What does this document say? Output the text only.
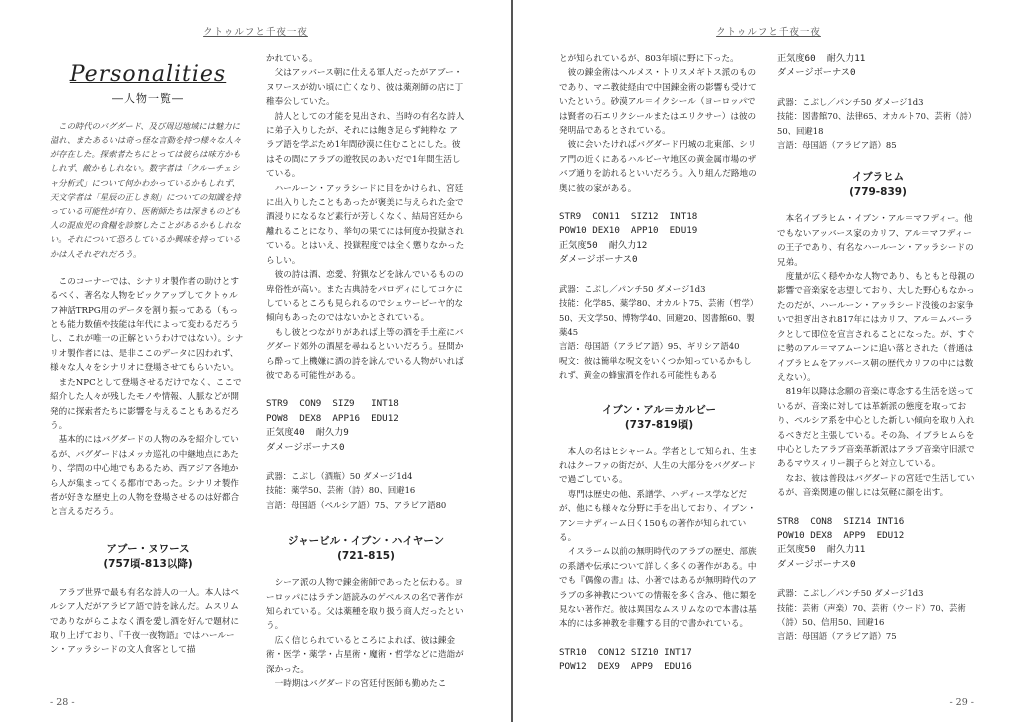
クトゥルフと千夜一夜
Personalities
―人物一覧―

この時代のバグダード、及び周辺地域には魅力に溢れ、またあるいは奇っ怪な言動を持つ様々な人々が存在した。探索者たちにとっては彼らは味方かもしれず、敵かもしれない。数字者は「クルーチェシャ分析式」について何かわかっているかもしれず、天文学者は「星辰の正しき刻」についての知識を持っている可能性が有り、医術師たちは深きものども人の混血児の食糧を診察したことがあるかもしれない。それについて恐ろしているか興味を持っているかは人それぞれだろう。

このコーナーでは、シナリオ製作者の助けとするべく、著名な人物をピックアップしてクトゥルフ神話TRPG用のデータを割り振ってある（もっとも能力数値や技能は年代によって変わるだろうし、これが唯一の正解というわけではない）。シナリオ製作者には、是非ここのデータに囚われず、様々な人々をシナリオに登場させてもらいたい。

またNPCとして登場させるだけでなく、ここで紹介した人々が残したモノや情報、人脈などが開発的に探索者たちに影響を与えることもあるだろう。

基本的にはバグダードの人物のみを紹介しているが、バグダードはメッカ巡礼の中継地点にあたり、学問の中心地でもあるため、西アジア各地から人が集まってくる都市であった。シナリオ製作者が好きな歴史上の人物を登場させるのは好都合と言えるだろう。

アブー・ヌワース
(757頃-813以降)

アラブ世界で最も有名な詩人の一人。本人はペルシア人だがアラビア語で詩を詠んだ。ムスリムでありながらこよなく酒を愛し酒を好んで題材に取り上げており、『千夜一夜物語』ではハールーン・アッラシードの文人食客として描

かれている。

父はアッバース朝に仕える軍人だったがアブー・ヌワースが幼い頃に亡くなり、彼は薬剤師の店に丁稚奉公していた。

詩人としての才能を見出され、当時の有名な詩人に弟子入りしたが、それには飽き足らず純粋な アラブ語を学ぶため1年間砂漠に住むことにした。彼はその間にアラブの遊牧民のあいだで1年間生活している。

ハールーン・アッラシードに目をかけられ、宮廷に出入りしたこともあったが褒美に与えられた金で酒浸りになるなど素行が芳しくなく、結局宮廷から離れることになり、挙句の果てには何度か投獄されている。とはいえ、投獄程度では全く懲りなかったらしい。

彼の詩は酒、恋愛、狩猟などを詠んでいるものの卑俗性が高い。また古典詩をパロディにしてコケにしているところも見られるのでシェウービーヤ的な傾向もあったのではないかとされている。

もし彼とつながりがあれば上等の酒を手土産にバグダード郊外の酒屋を尋ねるといいだろう。昼間から酔って上機嫌に酒の詩を詠んでいる人物がいれば彼である可能性がある。

STR9  CON9  SIZ9   INT18
POW8  DEX8  APP16  EDU12
正気度40  耐久力9
ダメージボーナス0
武器：こぶし（酒瓶）50 ダメージ1d4
技能：薬学50、芸術（詩）80、回避16
言語：母国語（ペルシア語）75、アラビア語80
ジャービル・イブン・ハイヤーン
(721-815)

シーア派の人物で錬金術師であったと伝わる。ヨーロッパにはラテン語読みのゲベルスの名で著作が知られている。父は薬種を取り扱う商人だったという。

広く信じられているところによれば、彼は錬金術・医学・薬学・占星術・魔術・哲学などに造詣が深かった。

一時期はバグダードの宮廷付医師も勤めたこ

- 28 -
クトゥルフと千夜一夜

とが知られているが、803年頃に野に下った。

彼の錬金術はヘルメス・トリスメギトス派のものであり、マニ教徒経由で中国錬金術の影響も受けていたという。砂漠アル＝イクシール（ヨーロッパでは賢者の石エリクシールまたはエリクサー）は彼の発明品であるとされている。

彼に会いたければバグダード円城の北東部、シリア門の近くにあるハルビーヤ地区の黄金属市場のザバブ通りを訪れるといいだろう。入り組んだ路地の奥に彼の家がある。

STR9  CON11  SIZ12  INT18
POW10 DEX10  APP10  EDU19
正気度50  耐久力12
ダメージボーナス0
武器：こぶし／パンチ50 ダメージ1d3
技能：化学85、薬学80、オカルト75、芸術（哲学）50、天文学50、博物学40、回避20、図書館60、製薬45
言語：母国語（アラビア語）95、ギリシア語40
呪文：彼は簡単な呪文をいくつか知っているかもしれず、黄金の蜂蜜酒を作れる可能性もある
イブン・アル＝カルビー
(737-819頃)

本人の名はヒシャーム。学者として知られ、生まれはクーファの街だが、人生の大部分をバグダードで過ごしている。

専門は歴史の他、系譜学、ハディース学などだが、他にも様々な分野に手を出しており、イブン・アン＝ナディーム曰く150もの著作が知られている。

イスラーム以前の無明時代のアラブの歴史、部族の系譜や伝承について詳しく多くの著作がある。中でも『偶像の書』は、小著ではあるが無明時代のアラブの多神教についての情報を多く含み、他に類を見ない著作だ。彼は異国なムスリムなので本書は基本的には多神教を非難する目的で書かれている。

STR10  CON12 SIZ10 INT17
POW12  DEX9  APP9  EDU16
正気度60  耐久力11
ダメージボーナス0
武器：こぶし／パンチ50 ダメージ1d3
技能：図書館70、法律65、オカルト70、芸術（詩）50、回避18
言語：母国語（アラビア語）85
イブラヒム
(779-839)

本名イブラヒム・イブン・アル＝マフディー。他でもないアッバース家のカリフ、アル＝マフディーの王子であり、有名なハールーン・アッラシードの兄弟。

度量が広く穏やかな人物であり、もともと母親の影響で音楽家を志望しており、大した野心もなかったのだが、ハールーン・アッラシード没後のお家争いで担ぎ出され817年にはカリフ、アル＝ムバーラクとして即位を宣言されることになった。が、すぐに勢のアル＝マアムーンに追い落とされた（普通はイブラヒムをアッバース朝の歴代カリフの中には数えない）。

819年以降は念願の音楽に専念する生活を送っているが、音楽に対しては革新派の態度を取っており、ペルシア系を中心とした新しい傾向を取り入れるべきだと主張している。その為、イブラヒムらを中心としたアラブ音楽革新派はアラブ音楽守旧派であるマウスィリー親子らと対立している。

なお、彼は普段はバグダードの宮廷で生活しているが、音楽関連の催しには気軽に顔を出す。

STR8  CON8  SIZ14 INT16
POW10 DEX8  APP9  EDU12
正気度50  耐久力11
ダメージボーナス0
武器：こぶし／パンチ50 ダメージ1d3
技能：芸術（声楽）70、芸術（ウード）70、芸術（詩）50、信用50、回避16
言語：母国語（アラビア語）75
- 29 -
